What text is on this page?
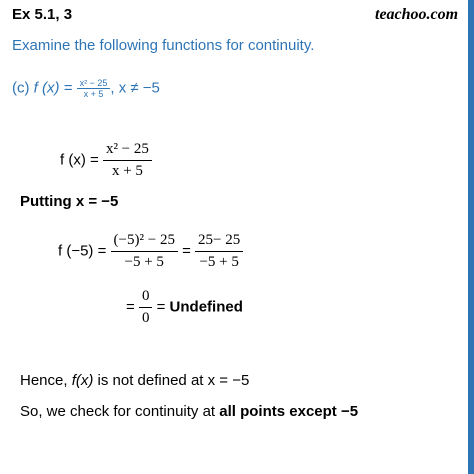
Ex 5.1, 3	teachoo.com
Examine the following functions for continuity.
(c) f $(x) = \frac{\text{x² − 25}}{x + 5}$ , x ≠ −5
f $(x) = \frac{\text{x² − 25}}{x + 5}$
Putting x = −5
f $(-5) = \frac{\text{(−5)² − 25}}{-5 + 5} = \frac{25- 25}{-5 + 5}$
= $\frac{0}{0}$ = Undefined
Hence, f(x) is not defined at x = −5
So, we check for continuity at all points except −5
